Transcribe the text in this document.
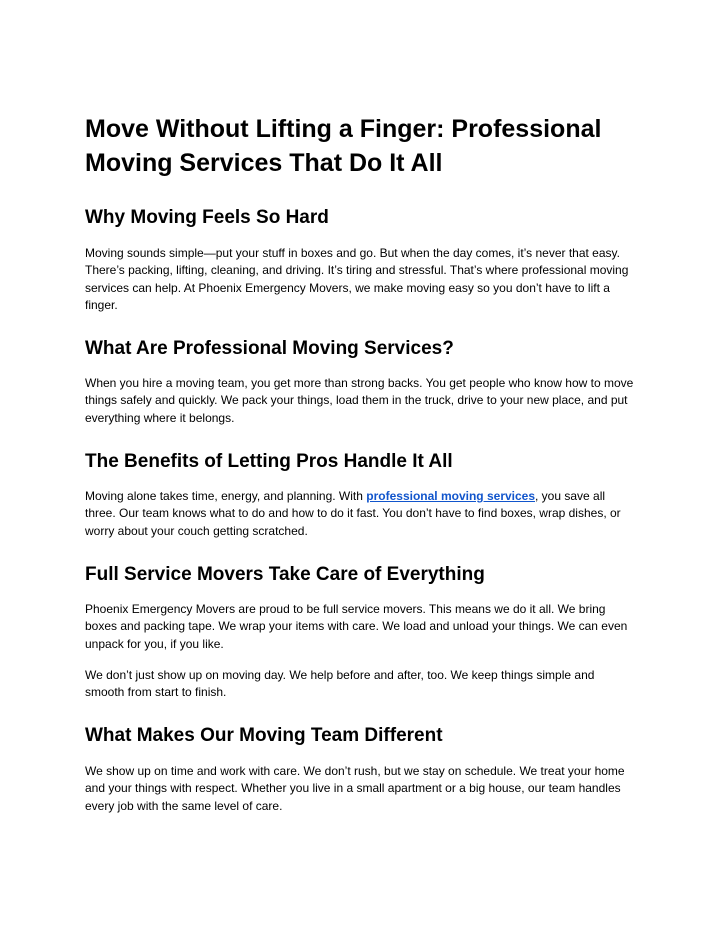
Move Without Lifting a Finger: Professional Moving Services That Do It All
Why Moving Feels So Hard

Moving sounds simple—put your stuff in boxes and go. But when the day comes, it’s never that easy. There’s packing, lifting, cleaning, and driving. It’s tiring and stressful. That’s where professional moving services can help. At Phoenix Emergency Movers, we make moving easy so you don’t have to lift a finger.

What Are Professional Moving Services?

When you hire a moving team, you get more than strong backs. You get people who know how to move things safely and quickly. We pack your things, load them in the truck, drive to your new place, and put everything where it belongs.

The Benefits of Letting Pros Handle It All

Moving alone takes time, energy, and planning. With professional moving services, you save all three. Our team knows what to do and how to do it fast. You don’t have to find boxes, wrap dishes, or worry about your couch getting scratched.

Full Service Movers Take Care of Everything

Phoenix Emergency Movers are proud to be full service movers. This means we do it all. We bring boxes and packing tape. We wrap your items with care. We load and unload your things. We can even unpack for you, if you like.

We don’t just show up on moving day. We help before and after, too. We keep things simple and smooth from start to finish.

What Makes Our Moving Team Different

We show up on time and work with care. We don’t rush, but we stay on schedule. We treat your home and your things with respect. Whether you live in a small apartment or a big house, our team handles every job with the same level of care.
